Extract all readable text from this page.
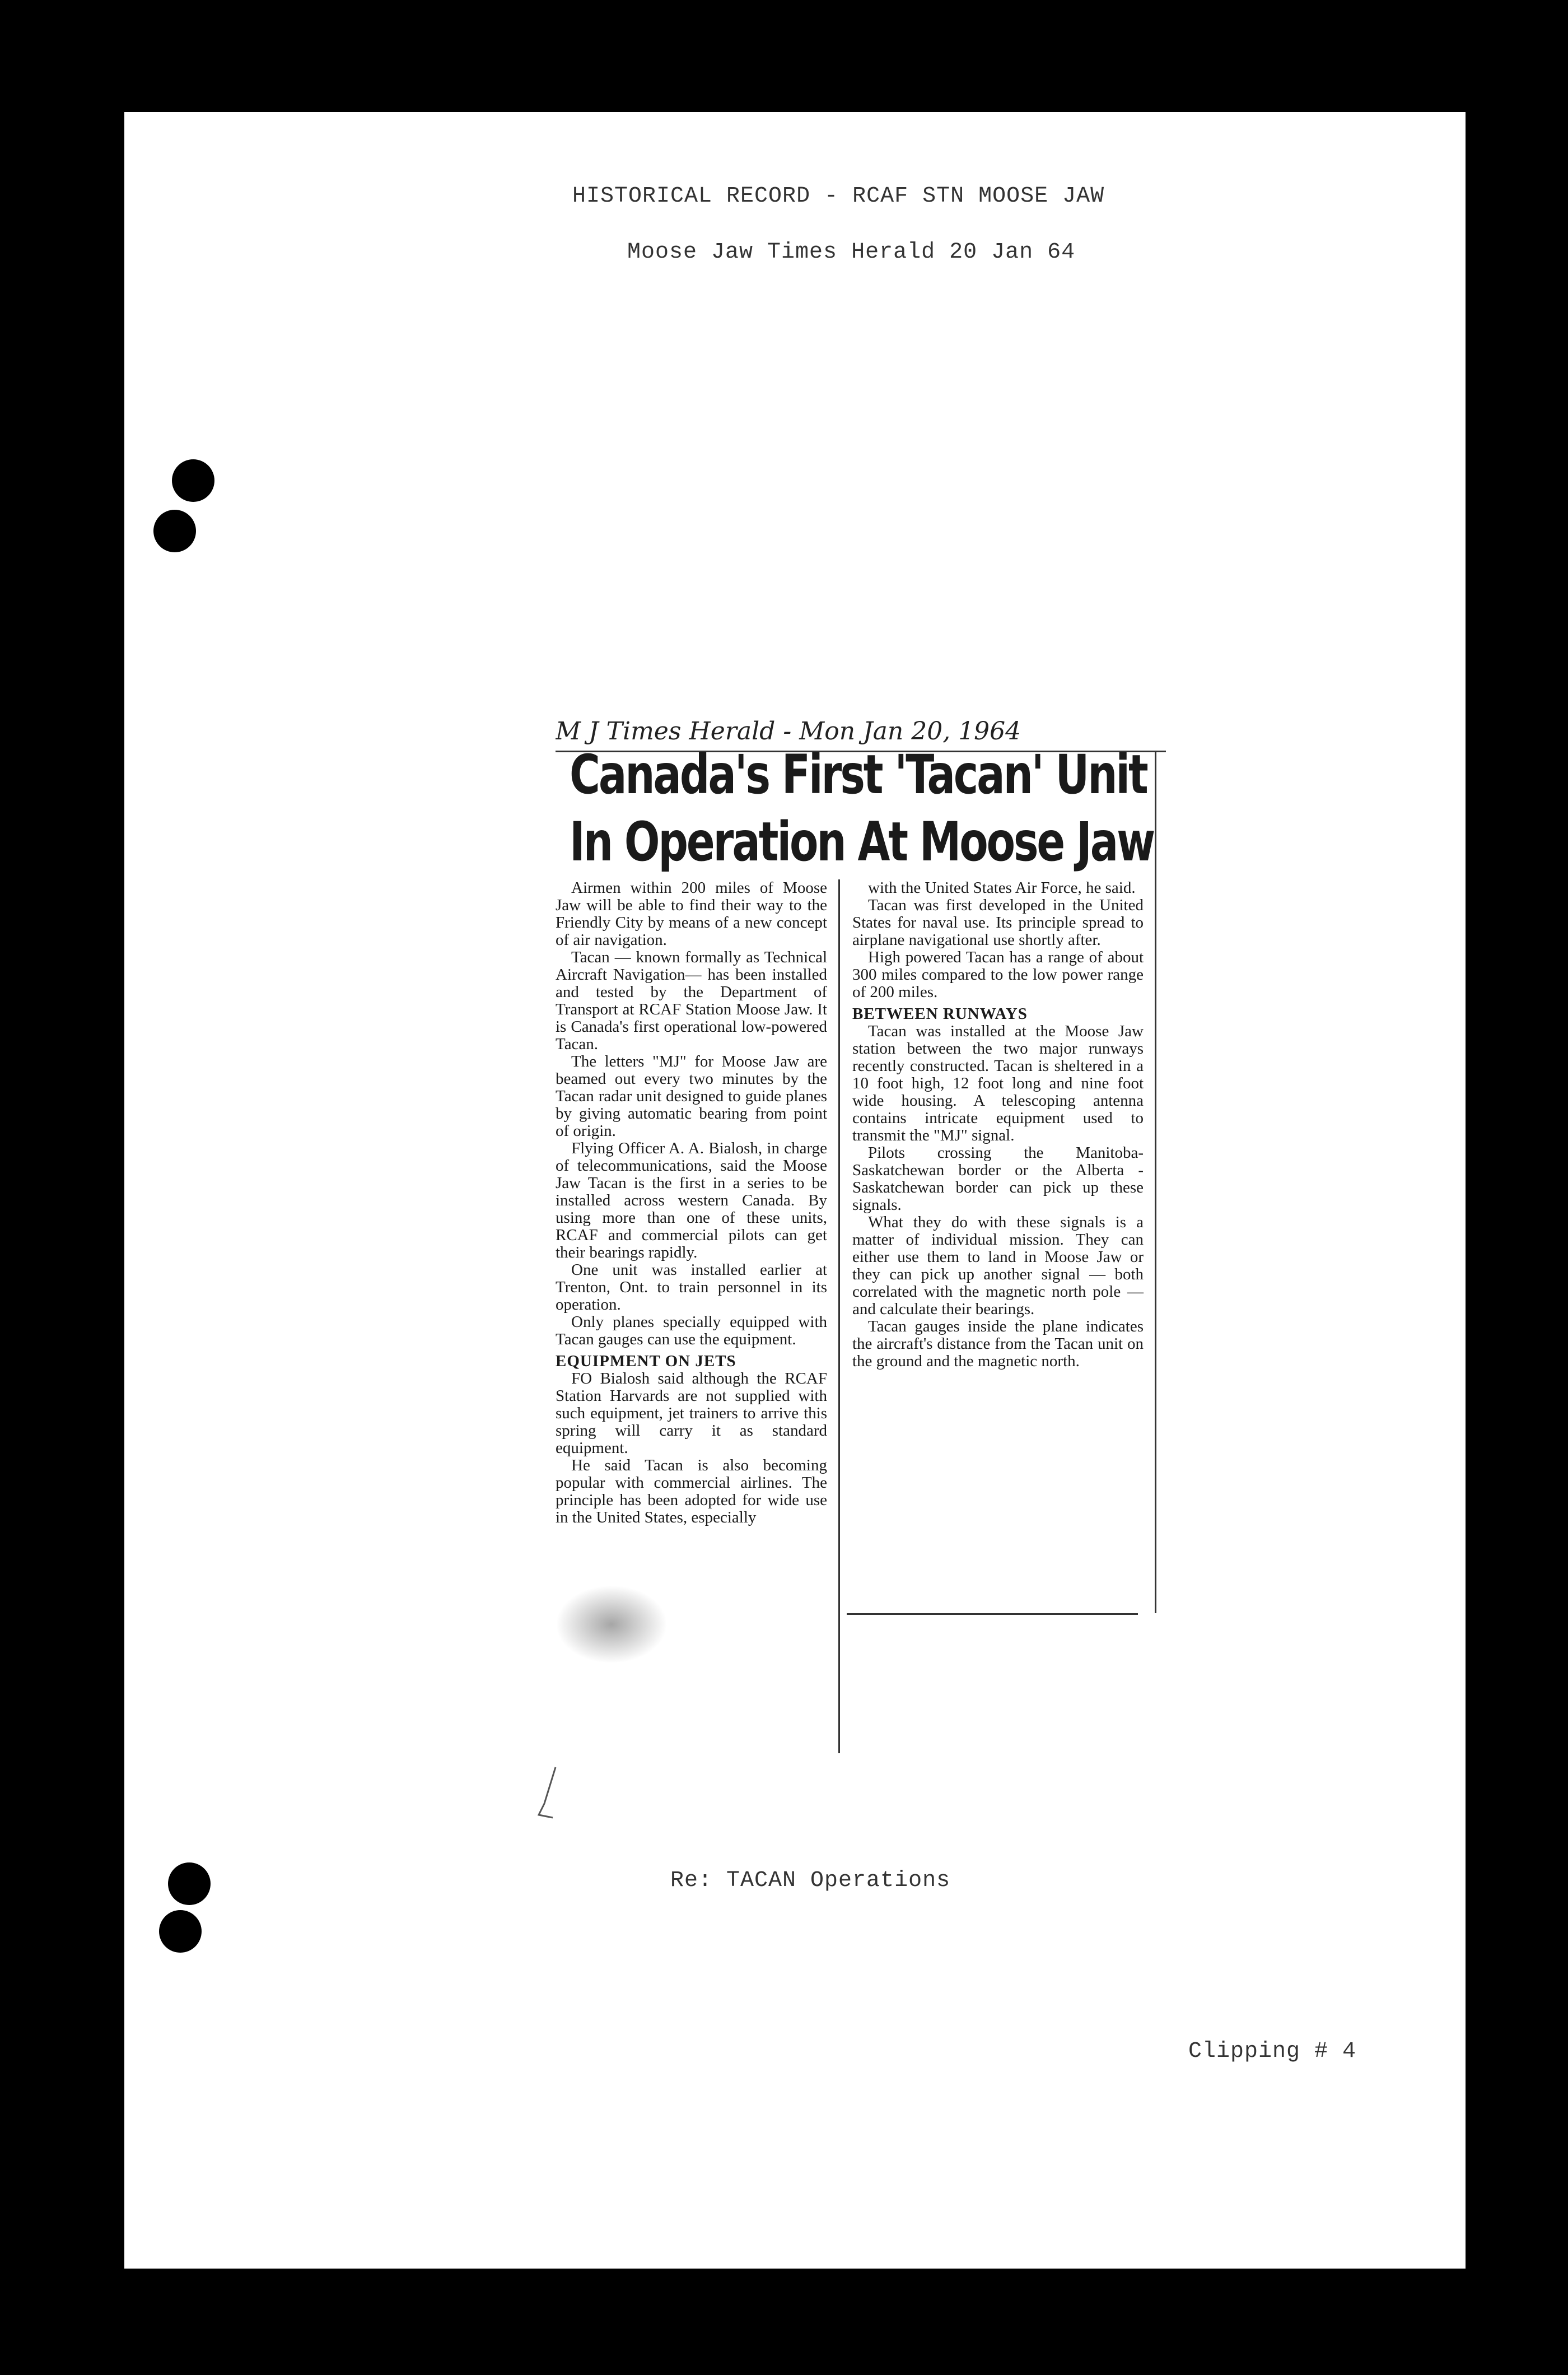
HISTORICAL RECORD - RCAF STN MOOSE JAW
Moose Jaw Times Herald 20 Jan 64
M J Times Herald - Mon Jan 20, 1964
Canada's First 'Tacan' Unit
In Operation At Moose Jaw

Airmen within 200 miles of Moose Jaw will be able to find their way to the Friendly City by means of a new concept of air navigation.

Tacan — known formally as Technical Aircraft Navigation— has been installed and tested by the Department of Transport at RCAF Station Moose Jaw. It is Canada's first operational low-powered Tacan.

The letters "MJ" for Moose Jaw are beamed out every two minutes by the Tacan radar unit designed to guide planes by giving automatic bearing from point of origin.

Flying Officer A. A. Bialosh, in charge of telecommunications, said the Moose Jaw Tacan is the first in a series to be installed across western Canada. By using more than one of these units, RCAF and commercial pilots can get their bearings rapidly.

One unit was installed earlier at Trenton, Ont. to train personnel in its operation.

Only planes specially equipped with Tacan gauges can use the equipment.

EQUIPMENT ON JETS

FO Bialosh said although the RCAF Station Harvards are not supplied with such equipment, jet trainers to arrive this spring will carry it as standard equipment.

He said Tacan is also becoming popular with commercial airlines. The principle has been adopted for wide use in the United States, especially

with the United States Air Force, he said.

Tacan was first developed in the United States for naval use. Its principle spread to airplane navigational use shortly after.

High powered Tacan has a range of about 300 miles compared to the low power range of 200 miles.

BETWEEN RUNWAYS

Tacan was installed at the Moose Jaw station between the two major runways recently constructed. Tacan is sheltered in a 10 foot high, 12 foot long and nine foot wide housing. A telescoping antenna contains intricate equipment used to transmit the "MJ" signal.

Pilots crossing the Manitoba-Saskatchewan border or the Alberta - Saskatchewan border can pick up these signals.

What they do with these signals is a matter of individual mission. They can either use them to land in Moose Jaw or they can pick up another signal — both correlated with the magnetic north pole — and calculate their bearings.

Tacan gauges inside the plane indicates the aircraft's distance from the Tacan unit on the ground and the magnetic north.

Re: TACAN Operations
Clipping # 4
